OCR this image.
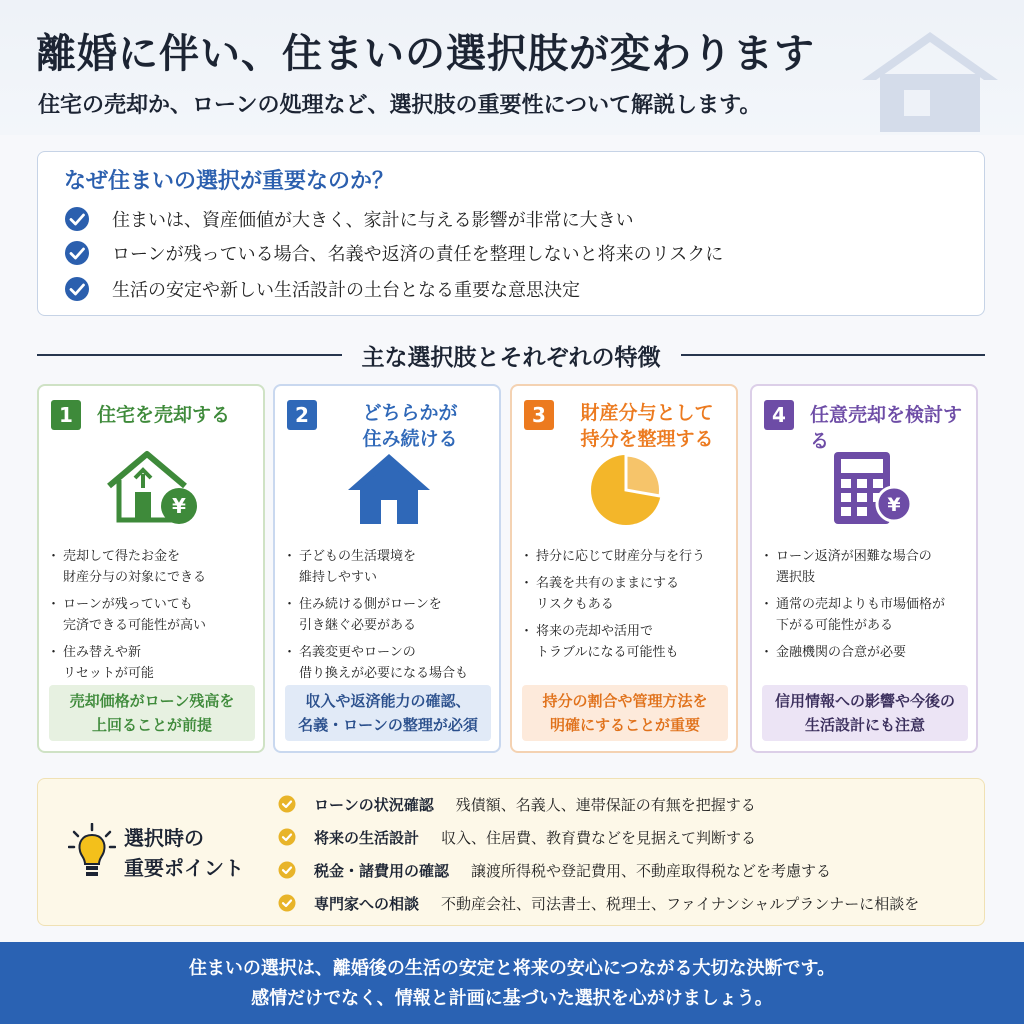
離婚に伴い、住まいの選択肢が変わります
住宅の売却か、ローンの処理など、選択肢の重要性について解説します。
なぜ住まいの選択が重要なのか？
住まいは、資産価値が大きく、家計に与える影響が非常に大きい
ローンが残っている場合、名義や返済の責任を整理しないと将来のリスクに
生活の安定や新しい生活設計の土台となる重要な意思決定
主な選択肢とそれぞれの特徴
1	住宅を売却する
¥
・ 売却して得たお金を
財産分与の対象にできる
・ ローンが残っていても
完済できる可能性が高い
・ 住み替えや新
リセットが可能
売却価格がローン残高を
上回ることが前提
2	どちらかが
住み続ける
・ 子どもの生活環境を
維持しやすい
・ 住み続ける側がローンを
引き継ぐ必要がある
・ 名義変更やローンの
借り換えが必要になる場合も
収入や返済能力の確認、
名義・ローンの整理が必須
3	財産分与として
持分を整理する
・ 持分に応じて財産分与を行う
・ 名義を共有のままにする
リスクもある
・ 将来の売却や活用で
トラブルになる可能性も
持分の割合や管理方法を
明確にすることが重要
4	任意売却を検討する
¥
・ ローン返済が困難な場合の
選択肢
・ 通常の売却よりも市場価格が
下がる可能性がある
・ 金融機関の合意が必要
信用情報への影響や今後の
生活設計にも注意
選択時の
重要ポイント
ローンの状況確認 残債額、名義人、連帯保証の有無を把握する
将来の生活設計 収入、住居費、教育費などを見据えて判断する
税金・諸費用の確認 譲渡所得税や登記費用、不動産取得税などを考慮する
専門家への相談 不動産会社、司法書士、税理士、ファイナンシャルプランナーに相談を
住まいの選択は、離婚後の生活の安定と将来の安心につながる大切な決断です。
感情だけでなく、情報と計画に基づいた選択を心がけましょう。
